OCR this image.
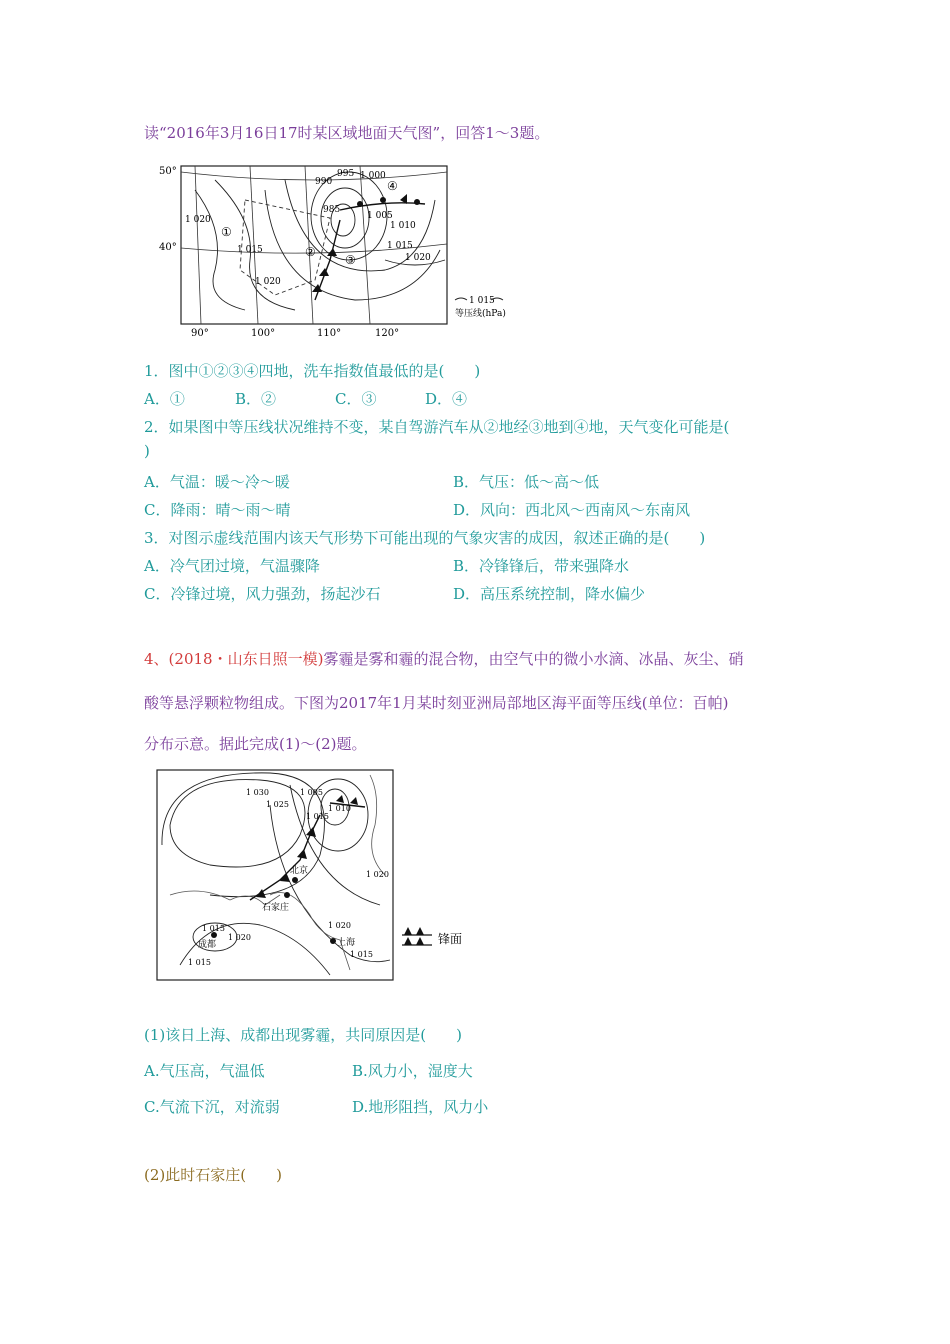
读“2016年3月16日17时某区域地面天气图”，回答1～3题。
50°
40°
90°	100°	110°	120°
990
995 1 000
985
1 020
1 015
1 005
1 010
1 015
1 020
1 020
①
②
③
④
1 015
等压线(hPa)
1．图中①②③④四地，洗车指数值最低的是(　　)
A．①	B．②	C．③	D．④
2．如果图中等压线状况维持不变，某自驾游汽车从②地经③地到④地，天气变化可能是(
)
A．气温：暖～冷～暖	B．气压：低～高～低
C．降雨：晴～雨～晴	D．风向：西北风～西南风～东南风
3．对图示虚线范围内该天气形势下可能出现的气象灾害的成因，叙述正确的是(　　)
A．冷气团过境，气温骤降	B．冷锋锋后，带来强降水
C．冷锋过境，风力强劲，扬起沙石	D．高压系统控制，降水偏少
4、(2018・山东日照一模)雾霾是雾和霾的混合物，由空气中的微小水滴、冰晶、灰尘、硝
酸等悬浮颗粒物组成。下图为2017年1月某时刻亚洲局部地区海平面等压线(单位：百帕)
分布示意。据此完成(1)～(2)题。
1 030
1 025
1 005
1 010
1 015
1 020
1 020
1 015
1 015
1 020
1 015
北京
石家庄
成都	上海	锋面
(1)该日上海、成都出现雾霾，共同原因是(　　)
A.气压高，气温低	B.风力小，湿度大
C.气流下沉，对流弱	D.地形阻挡，风力小
(2)此时石家庄(　　)
